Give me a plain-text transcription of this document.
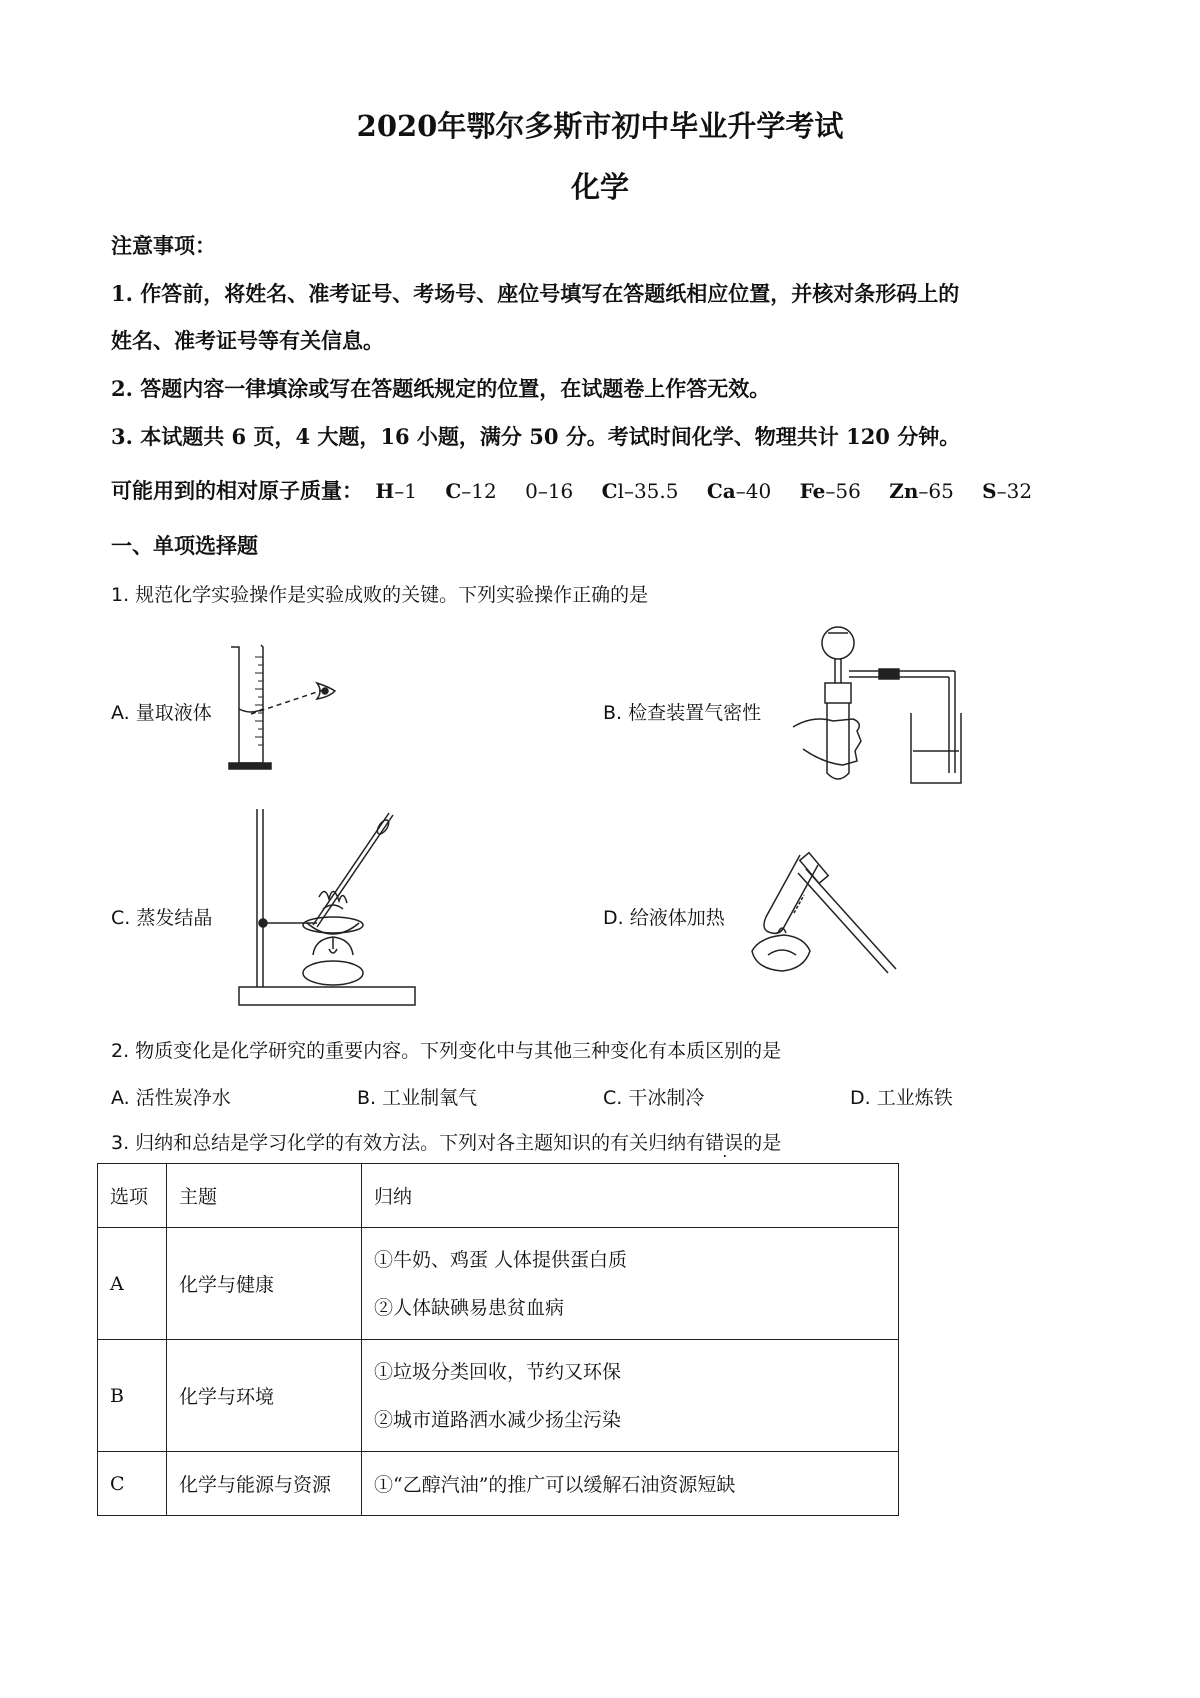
2020年鄂尔多斯市初中毕业升学考试
化学
注意事项：
1. 作答前，将姓名、准考证号、考场号、座位号填写在答题纸相应位置，并核对条形码上的
姓名、准考证号等有关信息。
2. 答题内容一律填涂或写在答题纸规定的位置，在试题卷上作答无效。
3. 本试题共 6 页，4 大题，16 小题，满分 50 分。考试时间化学、物理共计 120 分钟。
可能用到的相对原子质量： H–1 C–12 0–16 Cl–35.5 Ca–40 Fe–56 Zn–65 S–32
一、单项选择题
1. 规范化学实验操作是实验成败的关键。下列实验操作正确的是
A. 量取液体	B. 检查装置气密性
C. 蒸发结晶	D. 给液体加热
2. 物质变化是化学研究的重要内容。下列变化中与其他三种变化有本质区别的是
A. 活性炭净水	B. 工业制氧气	C. 干冰制冷	D. 工业炼铁
3. 归纳和总结是学习化学的有效方法。下列对各主题知识的有关归纳有错误的是
选项	主题	归纳
A	化学与健康	①牛奶、鸡蛋 人体提供蛋白质
②人体缺碘易患贫血病

B	化学与环境	①垃圾分类回收，节约又环保
②城市道路洒水减少扬尘污染

C	化学与能源与资源	①“乙醇汽油”的推广可以缓解石油资源短缺
